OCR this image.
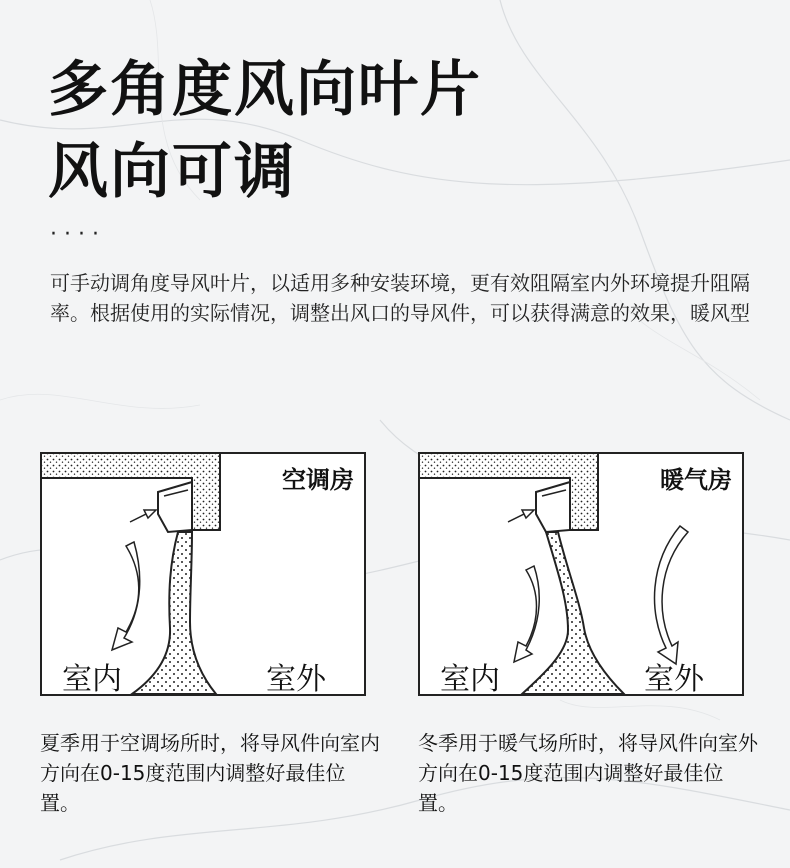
多角度风向叶片
风向可调
····
可手动调角度导风叶片，以适用多种安装环境，更有效阻隔室内外环境提升阻隔率。根据使用的实际情况，调整出风口的导风件，可以获得满意的效果，暖风型
空调房
室内	室外
暖气房
室内	室外
夏季用于空调场所时，将导风件向室内方向在0-15度范围内调整好最佳位置。
冬季用于暖气场所时，将导风件向室外方向在0-15度范围内调整好最佳位置。
